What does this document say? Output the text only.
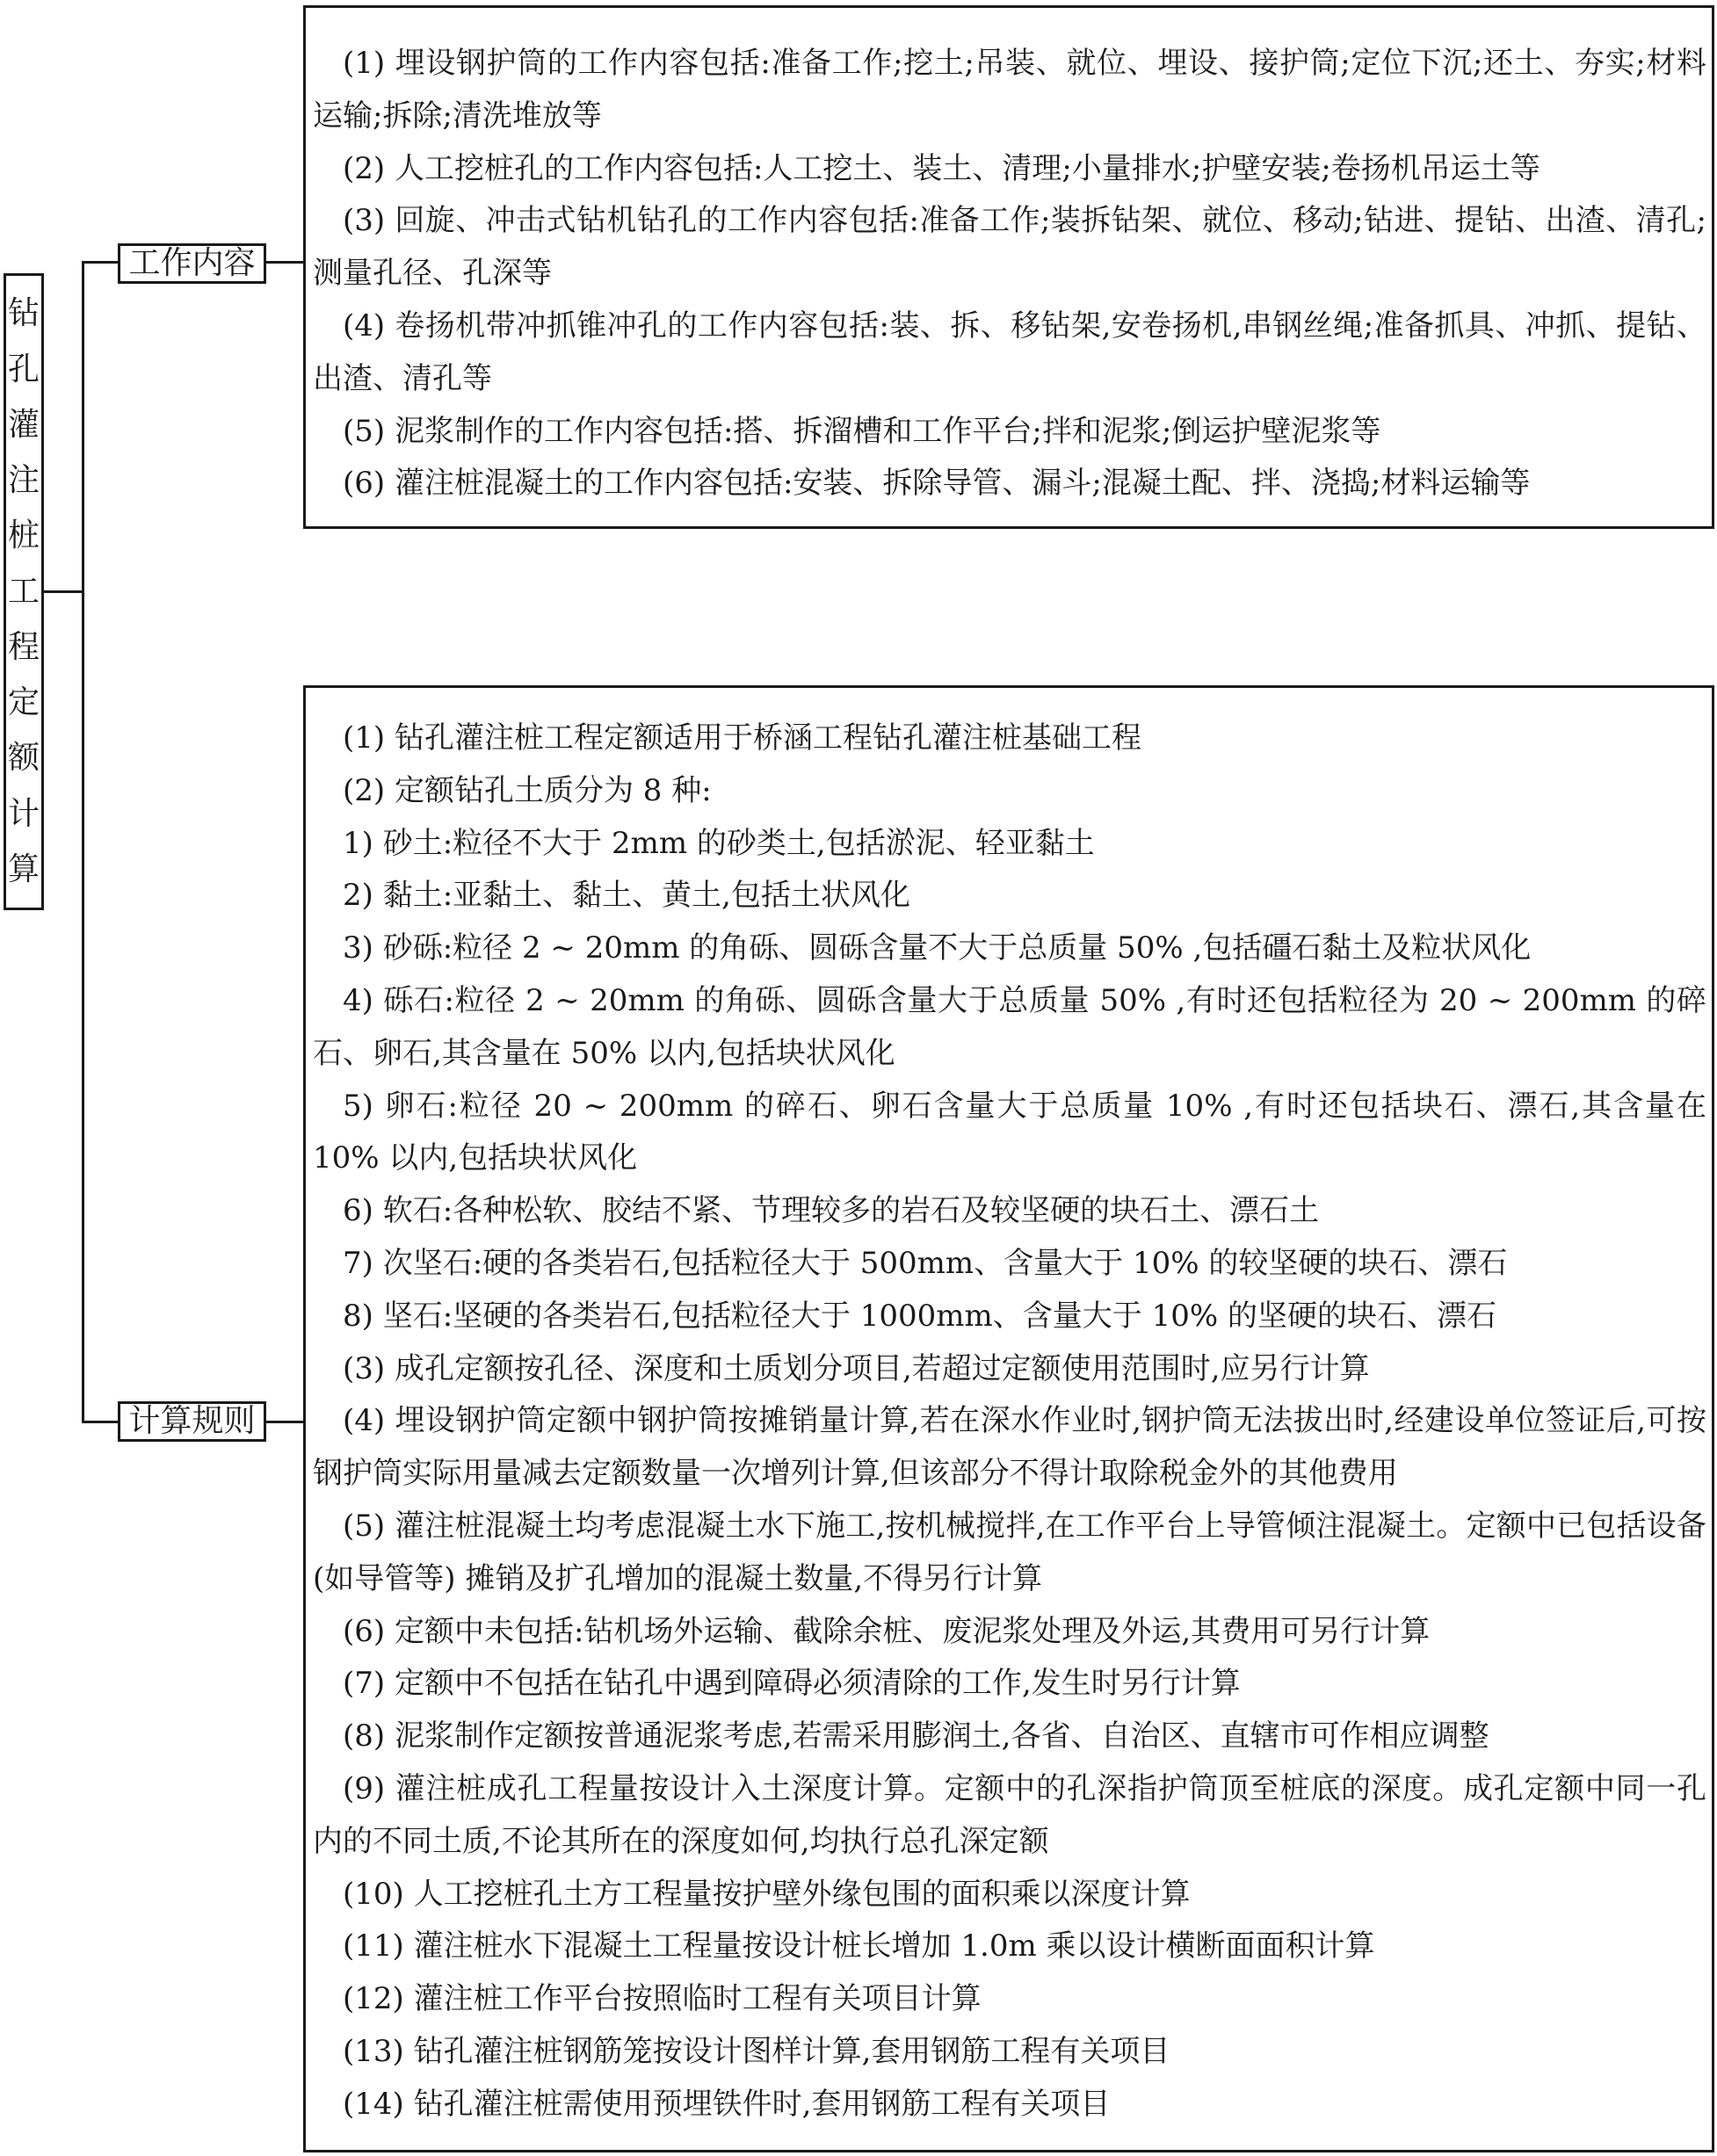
钻
孔
灌
注
桩
工
程
定
额
计
算
工作内容
计算规则

(1) 埋设钢护筒的工作内容包括:准备工作;挖土;吊装、就位、埋设、接护筒;定位下沉;还土、夯实;材料运输;拆除;清洗堆放等

(2) 人工挖桩孔的工作内容包括:人工挖土、装土、清理;小量排水;护壁安装;卷扬机吊运土等

(3) 回旋、冲击式钻机钻孔的工作内容包括:准备工作;装拆钻架、就位、移动;钻进、提钻、出渣、清孔;测量孔径、孔深等

(4) 卷扬机带冲抓锥冲孔的工作内容包括:装、拆、移钻架,安卷扬机,串钢丝绳;准备抓具、冲抓、提钻、出渣、清孔等

(5) 泥浆制作的工作内容包括:搭、拆溜槽和工作平台;拌和泥浆;倒运护壁泥浆等

(6) 灌注桩混凝土的工作内容包括:安装、拆除导管、漏斗;混凝土配、拌、浇捣;材料运输等

(1) 钻孔灌注桩工程定额适用于桥涵工程钻孔灌注桩基础工程

(2) 定额钻孔土质分为 8 种:

1) 砂土:粒径不大于 2mm 的砂类土,包括淤泥、轻亚黏土

2) 黏土:亚黏土、黏土、黄土,包括土状风化

3) 砂砾:粒径 2 ~ 20mm 的角砾、圆砾含量不大于总质量 50% ,包括礓石黏土及粒状风化

4) 砾石:粒径 2 ~ 20mm 的角砾、圆砾含量大于总质量 50% ,有时还包括粒径为 20 ~ 200mm 的碎石、卵石,其含量在 50% 以内,包括块状风化

5) 卵石:粒径 20 ~ 200mm 的碎石、卵石含量大于总质量 10% ,有时还包括块石、漂石,其含量在 10% 以内,包括块状风化

6) 软石:各种松软、胶结不紧、节理较多的岩石及较坚硬的块石土、漂石土

7) 次坚石:硬的各类岩石,包括粒径大于 500mm、含量大于 10% 的较坚硬的块石、漂石

8) 坚石:坚硬的各类岩石,包括粒径大于 1000mm、含量大于 10% 的坚硬的块石、漂石

(3) 成孔定额按孔径、深度和土质划分项目,若超过定额使用范围时,应另行计算

(4) 埋设钢护筒定额中钢护筒按摊销量计算,若在深水作业时,钢护筒无法拔出时,经建设单位签证后,可按钢护筒实际用量减去定额数量一次增列计算,但该部分不得计取除税金外的其他费用

(5) 灌注桩混凝土均考虑混凝土水下施工,按机械搅拌,在工作平台上导管倾注混凝土。定额中已包括设备(如导管等) 摊销及扩孔增加的混凝土数量,不得另行计算

(6) 定额中未包括:钻机场外运输、截除余桩、废泥浆处理及外运,其费用可另行计算

(7) 定额中不包括在钻孔中遇到障碍必须清除的工作,发生时另行计算

(8) 泥浆制作定额按普通泥浆考虑,若需采用膨润土,各省、自治区、直辖市可作相应调整

(9) 灌注桩成孔工程量按设计入土深度计算。定额中的孔深指护筒顶至桩底的深度。成孔定额中同一孔内的不同土质,不论其所在的深度如何,均执行总孔深定额

(10) 人工挖桩孔土方工程量按护壁外缘包围的面积乘以深度计算

(11) 灌注桩水下混凝土工程量按设计桩长增加 1.0m 乘以设计横断面面积计算

(12) 灌注桩工作平台按照临时工程有关项目计算

(13) 钻孔灌注桩钢筋笼按设计图样计算,套用钢筋工程有关项目

(14) 钻孔灌注桩需使用预埋铁件时,套用钢筋工程有关项目
